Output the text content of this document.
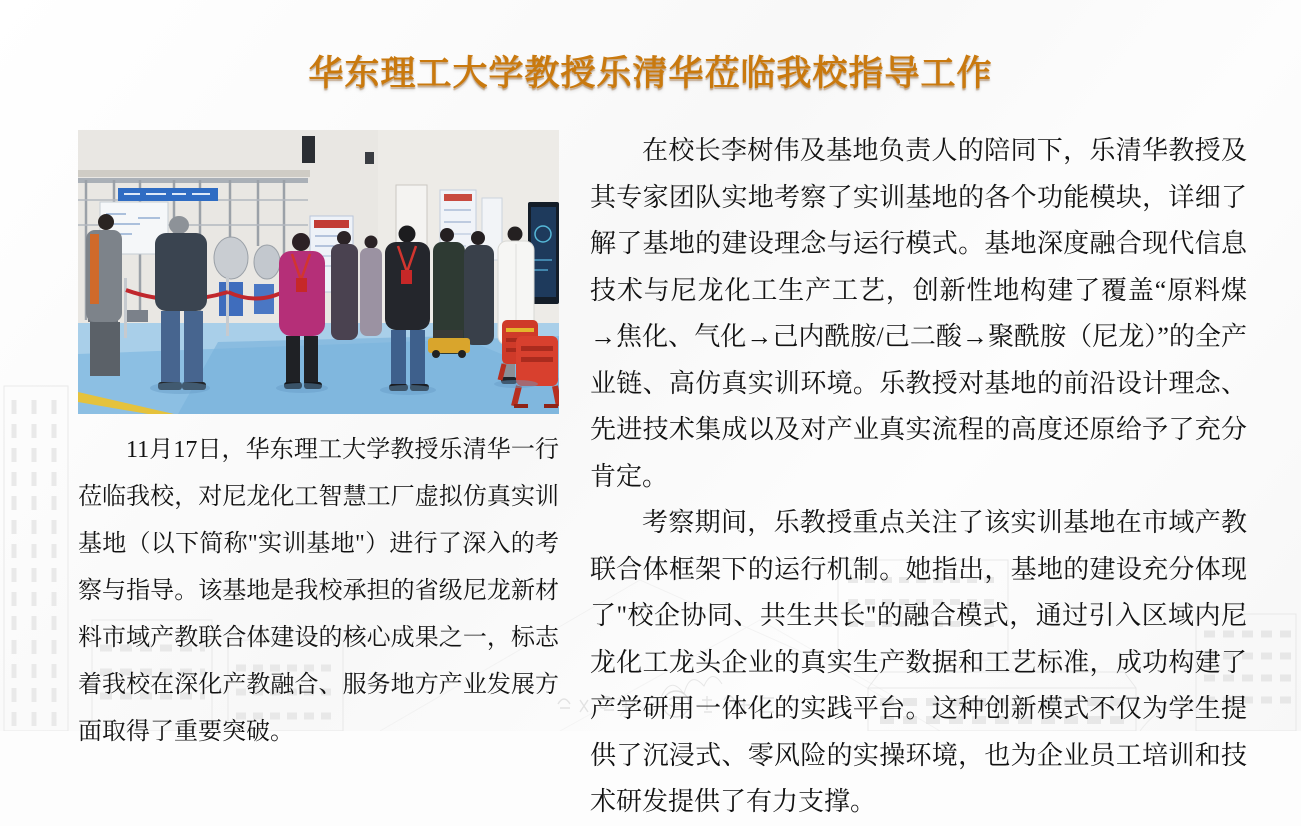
华东理工大学教授乐清华莅临我校指导工作

11月17日，华东理工大学教授乐清华一行莅临我校，对尼龙化工智慧工厂虚拟仿真实训基地（以下简称"实训基地"）进行了深入的考察与指导。该基地是我校承担的省级尼龙新材料市域产教联合体建设的核心成果之一，标志着我校在深化产教融合、服务地方产业发展方面取得了重要突破。

在校长李树伟及基地负责人的陪同下，乐清华教授及其专家团队实地考察了实训基地的各个功能模块，详细了解了基地的建设理念与运行模式。基地深度融合现代信息技术与尼龙化工生产工艺，创新性地构建了覆盖“原料煤→焦化、气化→己内酰胺/己二酸→聚酰胺（尼龙）”的全产业链、高仿真实训环境。乐教授对基地的前沿设计理念、先进技术集成以及对产业真实流程的高度还原给予了充分肯定。

考察期间，乐教授重点关注了该实训基地在市域产教联合体框架下的运行机制。她指出，基地的建设充分体现了"校企协同、共生共长"的融合模式，通过引入区域内尼龙化工龙头企业的真实生产数据和工艺标准，成功构建了产学研用一体化的实践平台。这种创新模式不仅为学生提供了沉浸式、零风险的实操环境，也为企业员工培训和技术研发提供了有力支撑。
